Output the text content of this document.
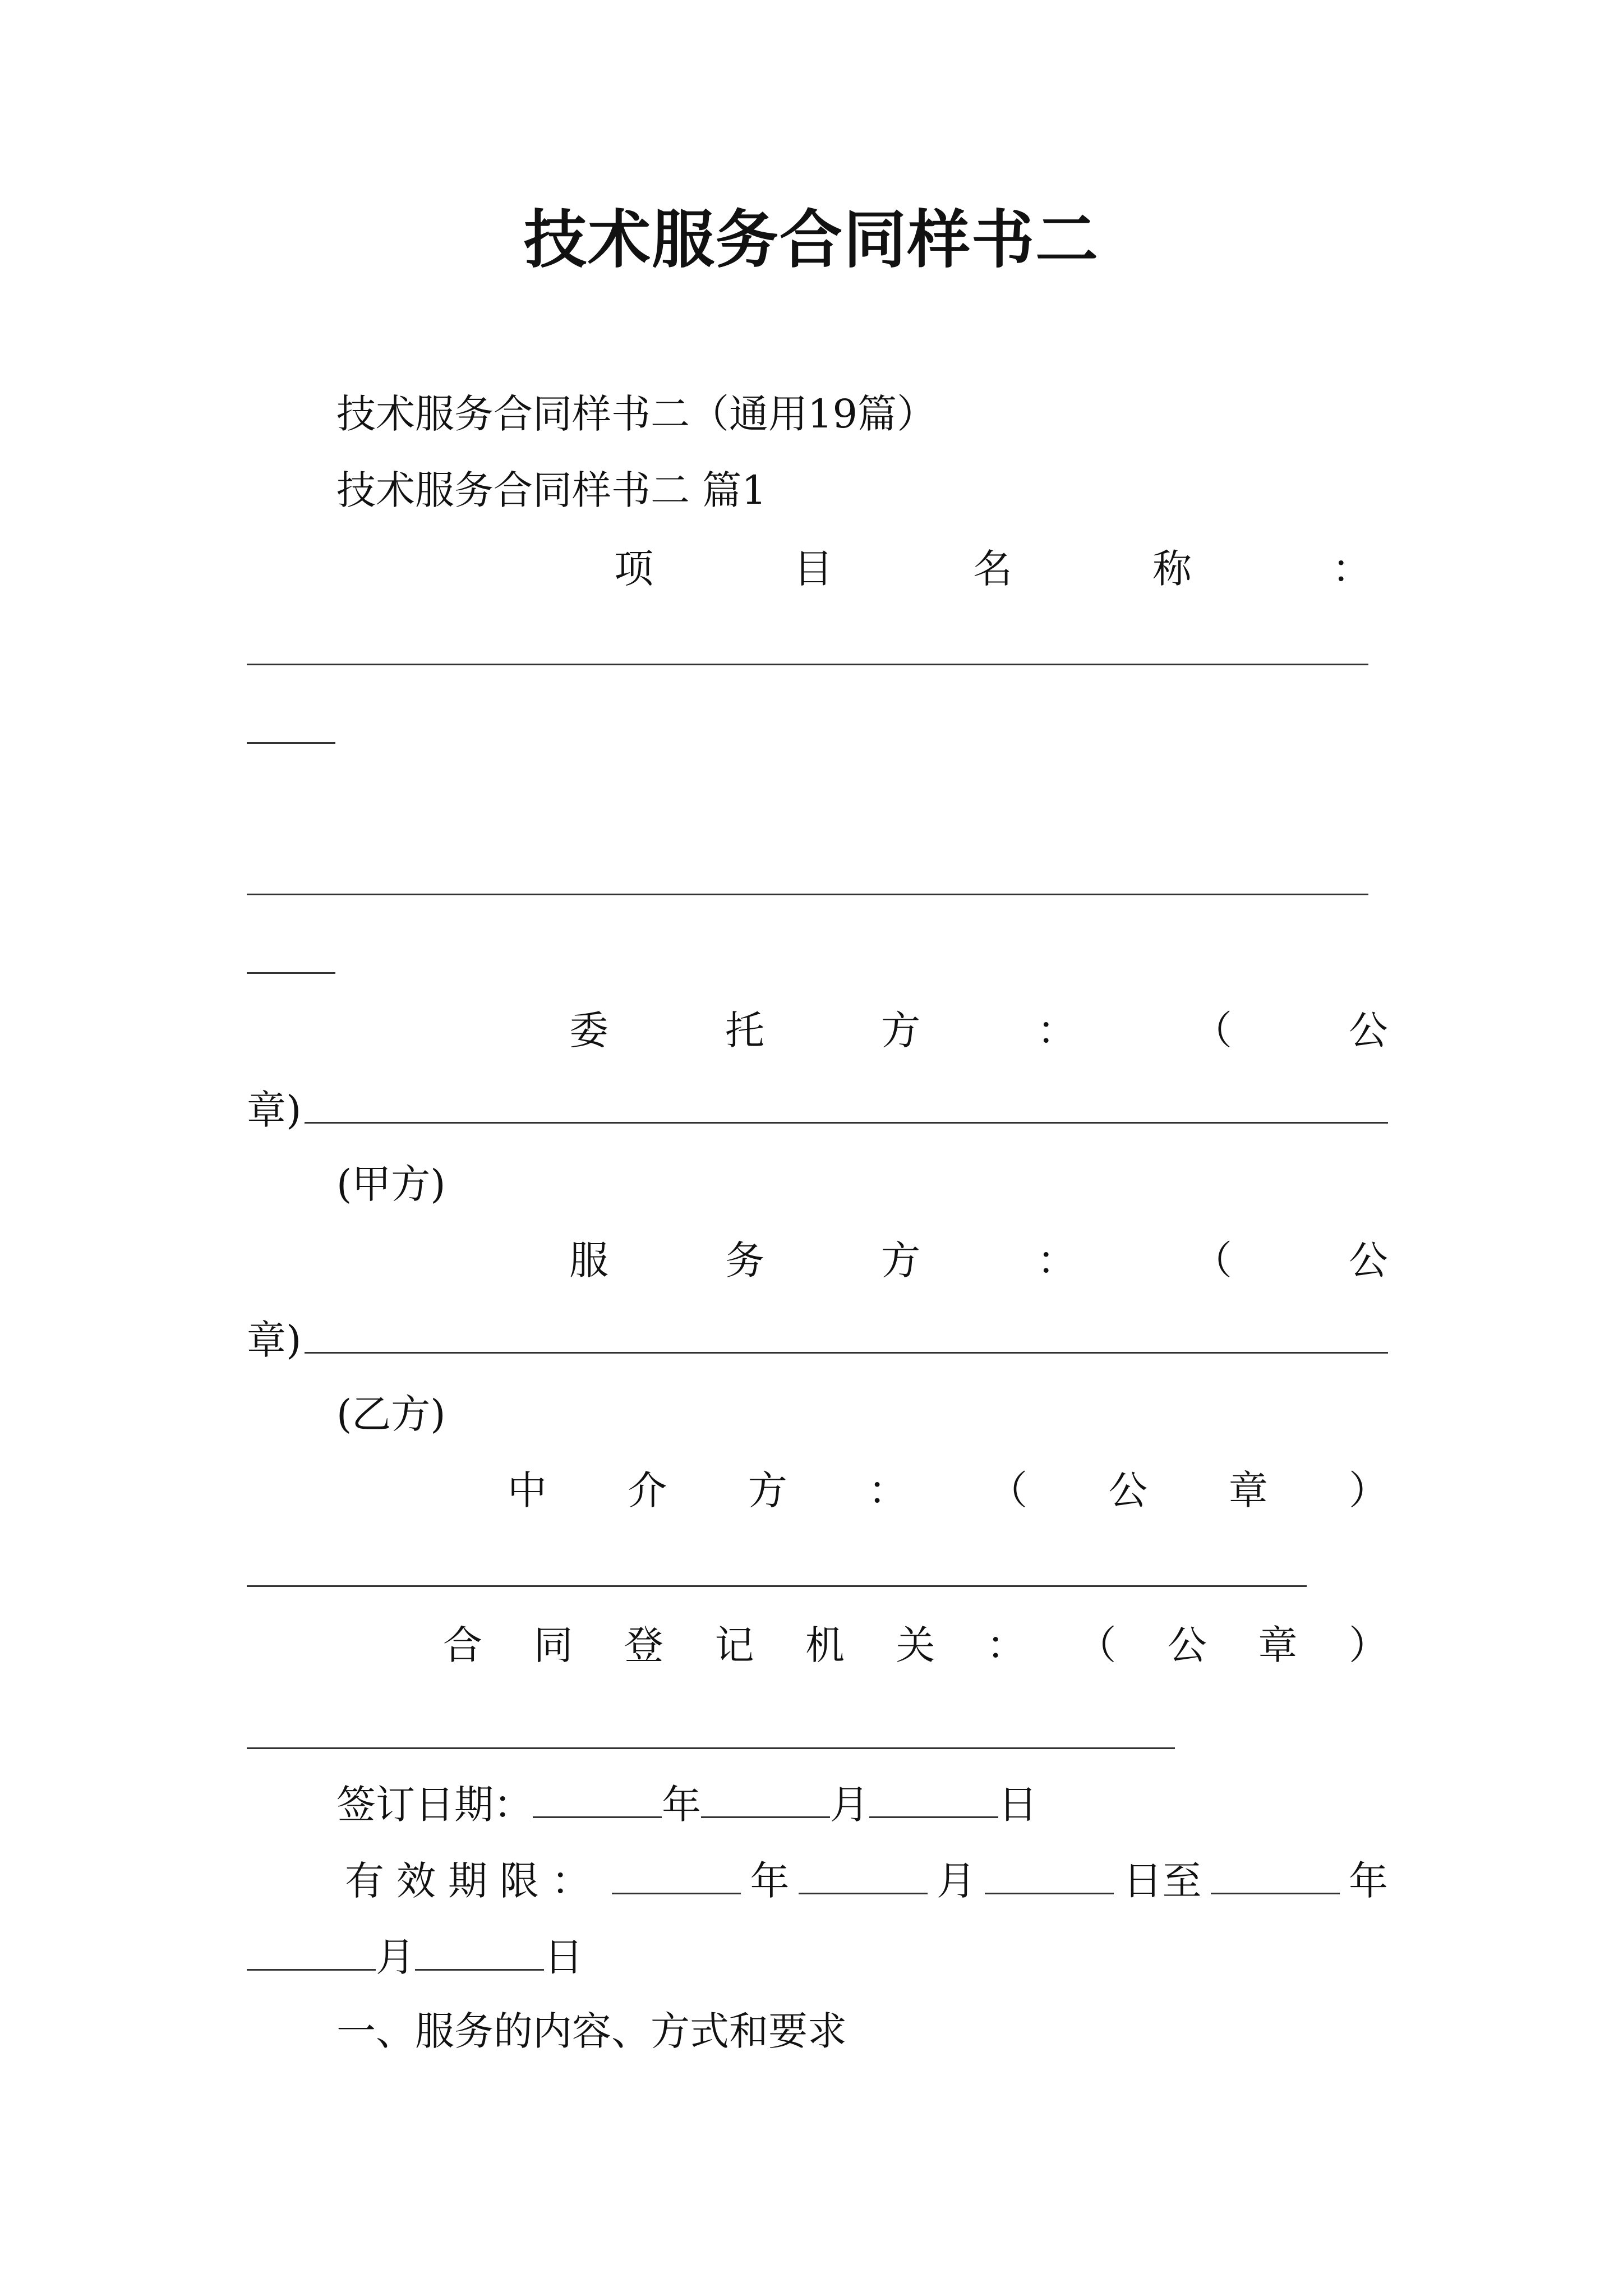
技术服务合同样书二
技术服务合同样书二（通用19篇）
技术服务合同样书二 篇1
项	目	名	称	：
委	托	方	：	（	公
章)
(甲方)
服	务	方	：	（	公
章)
(乙方)
中 介 方 ： （ 公 章 ）
合 同 登 记 机 关 ： （ 公 章 ）
签订日期：	年	月	日
有效期限：	年	月	日至	年
月	日
一、服务的内容、方式和要求
